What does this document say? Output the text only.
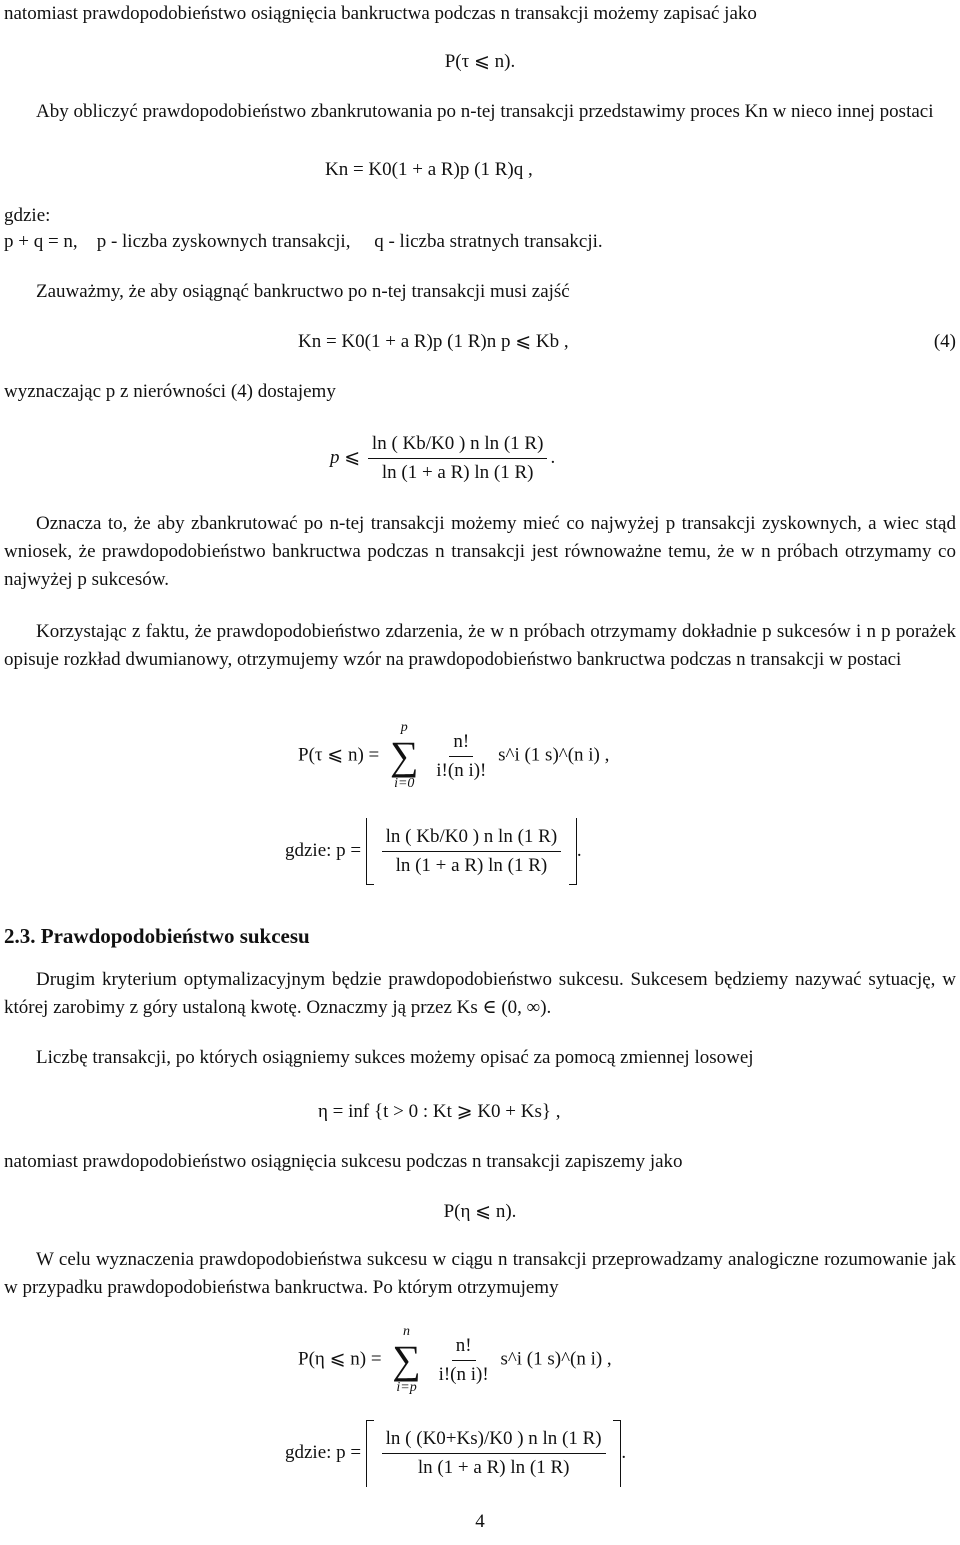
natomiast prawdopodobieństwo osiągnięcia bankructwa podczas n transakcji możemy zapisać jako
P(τ ⩽ n).

Aby obliczyć prawdopodobieństwo zbankrutowania po n-tej transakcji przedstawimy proces Kn w nieco innej postaci

Kn = K0(1 + a R)p (1 R)q ,
gdzie:
p + q = n, p - liczba zyskownych transakcji, q - liczba stratnych transakcji.

Zauważmy, że aby osiągnąć bankructwo po n-tej transakcji musi zajść

Kn = K0(1 + a R)p (1 R)n p ⩽ Kb ,	(4)
wyznaczając p z nierówności (4) dostajemy
p ⩽ $\frac{\text{ln ( Kb/K0 ) n ln (1 R)}}{\text{ln (1 + a R) ln (1 R)}}$ .

Oznacza to, że aby zbankrutować po n-tej transakcji możemy mieć co najwyżej p transakcji zyskownych, a wiec stąd wniosek, że prawdopodobieństwo bankructwa podczas n transakcji jest równoważne temu, że w n próbach otrzymamy co najwyżej p sukcesów.

Korzystając z faktu, że prawdopodobieństwo zdarzenia, że w n próbach otrzymamy dokładnie p sukcesów i n p porażek opisuje rozkład dwumianowy, otrzymujemy wzór na prawdopodobieństwo bankructwa podczas n transakcji w postaci

P(τ ⩽ n) =
p
∑
i=0

$\frac{n!}{\text{i!(n i)!}}$ s^i (1 s)^(n i) ,
gdzie: $p = \frac{\text{ln ( Kb/K0 ) n ln (1 R)}}{\text{ln (1 + a R) ln (1 R)}}$ .
2.3. Prawdopodobieństwo sukcesu

Drugim kryterium optymalizacyjnym będzie prawdopodobieństwo sukcesu. Sukcesem będziemy nazywać sytuację, w której zarobimy z góry ustaloną kwotę. Oznaczmy ją przez Ks ∈ (0, ∞).

Liczbę transakcji, po których osiągniemy sukces możemy opisać za pomocą zmiennej losowej

η = inf {t > 0 : Kt ⩾ K0 + Ks} ,
natomiast prawdopodobieństwo osiągnięcia sukcesu podczas n transakcji zapiszemy jako
P(η ⩽ n).

W celu wyznaczenia prawdopodobieństwa sukcesu w ciągu n transakcji przeprowadzamy analogiczne rozumowanie jak w przypadku prawdopodobieństwa bankructwa. Po którym otrzymujemy

P(η ⩽ n) =
n
∑
i=p

$\frac{n!}{\text{i!(n i)!}}$ s^i (1 s)^(n i) ,
gdzie: $p = \frac{\text{ln ( (K0+Ks)/K0 ) n ln (1 R)}}{\text{ln (1 + a R) ln (1 R)}}$ .
4
